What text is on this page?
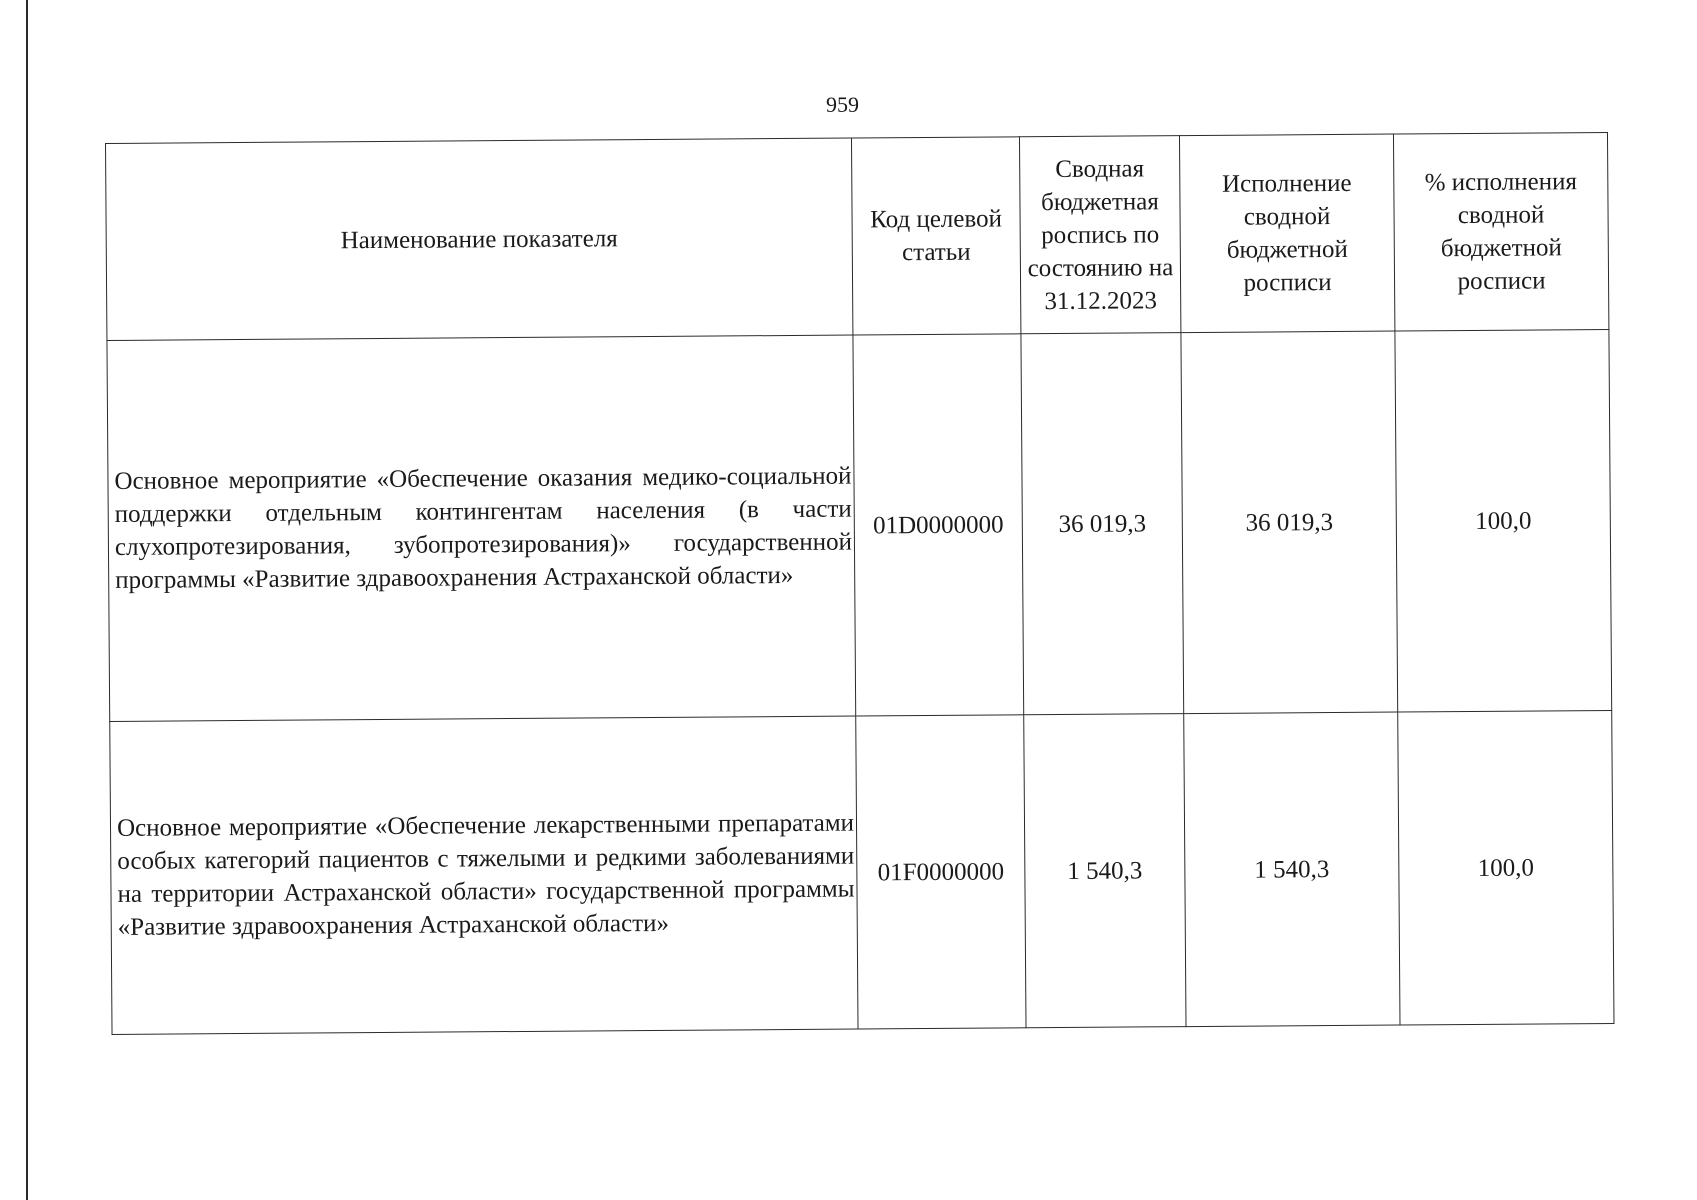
959
Наименование показателя	Код целевой статьи	Сводная бюджетная роспись по состоянию на 31.12.2023	Исполнение сводной бюджетной росписи	% исполнения сводной бюджетной росписи
Основное мероприятие «Обеспечение оказания медико-социальной поддержки отдельным контингентам населения (в части слухопротезирования, зубопротезирования)» государственной программы «Развитие здравоохранения Астраханской области»	01D0000000	36 019,3	36 019,3	100,0
Основное мероприятие «Обеспечение лекарственными препаратами особых категорий пациентов с тяжелыми и редкими заболеваниями на территории Астраханской области» государственной программы «Развитие здравоохранения Астраханской области»	01F0000000	1 540,3	1 540,3	100,0
